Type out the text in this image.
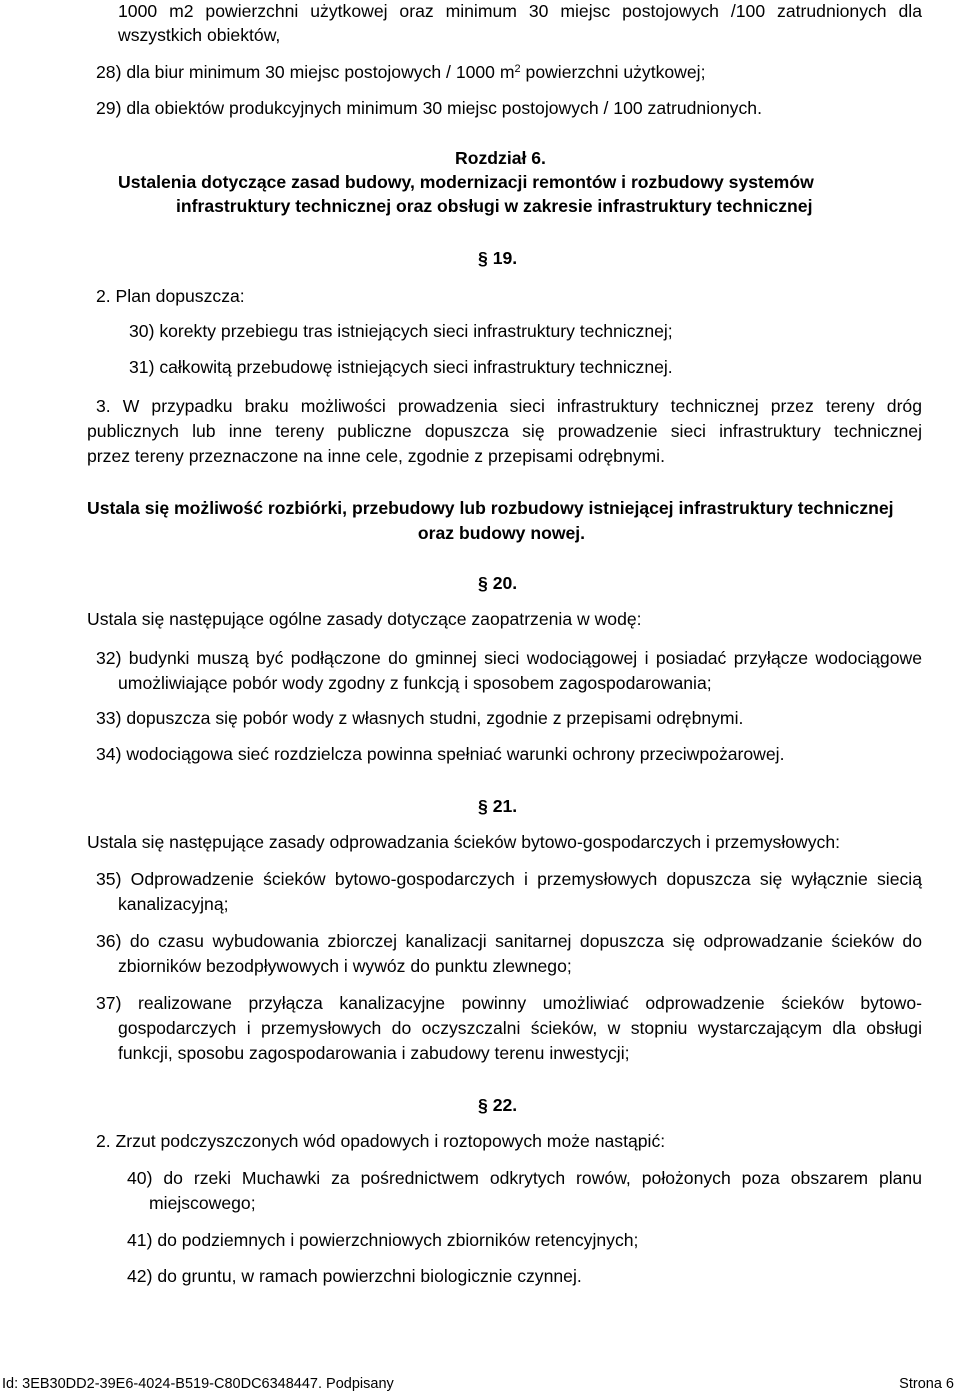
1000 m2 powierzchni użytkowej oraz minimum 30 miejsc postojowych /100 zatrudnionych dla
wszystkich obiektów,
28) dla biur minimum 30 miejsc postojowych / 1000 $m^2$ powierzchni użytkowej;
29) dla obiektów produkcyjnych minimum 30 miejsc postojowych / 100 zatrudnionych.
Rozdział 6.
Ustalenia dotyczące zasad budowy, modernizacji remontów i rozbudowy systemów
infrastruktury technicznej oraz obsługi w zakresie infrastruktury technicznej
§ 19.
2. Plan dopuszcza:
30) korekty przebiegu tras istniejących sieci infrastruktury technicznej;
31) całkowitą przebudowę istniejących sieci infrastruktury technicznej.
3. W przypadku braku możliwości prowadzenia sieci infrastruktury technicznej przez tereny dróg
publicznych lub inne tereny publiczne dopuszcza się prowadzenie sieci infrastruktury technicznej
przez tereny przeznaczone na inne cele, zgodnie z przepisami odrębnymi.
Ustala się możliwość rozbiórki, przebudowy lub rozbudowy istniejącej infrastruktury technicznej
oraz budowy nowej.
§ 20.
Ustala się następujące ogólne zasady dotyczące zaopatrzenia w wodę:
32) budynki muszą być podłączone do gminnej sieci wodociągowej i posiadać przyłącze wodociągowe
umożliwiające pobór wody zgodny z funkcją i sposobem zagospodarowania;
33) dopuszcza się pobór wody z własnych studni, zgodnie z przepisami odrębnymi.
34) wodociągowa sieć rozdzielcza powinna spełniać warunki ochrony przeciwpożarowej.
§ 21.
Ustala się następujące zasady odprowadzania ścieków bytowo-gospodarczych i przemysłowych:
35) Odprowadzenie ścieków bytowo-gospodarczych i przemysłowych dopuszcza się wyłącznie siecią
kanalizacyjną;
36) do czasu wybudowania zbiorczej kanalizacji sanitarnej dopuszcza się odprowadzanie ścieków do
zbiorników bezodpływowych i wywóz do punktu zlewnego;
37) realizowane przyłącza kanalizacyjne powinny umożliwiać odprowadzenie ścieków bytowo-
gospodarczych i przemysłowych do oczyszczalni ścieków, w stopniu wystarczającym dla obsługi
funkcji, sposobu zagospodarowania i zabudowy terenu inwestycji;
§ 22.
2. Zrzut podczyszczonych wód opadowych i roztopowych może nastąpić:
40) do rzeki Muchawki za pośrednictwem odkrytych rowów, położonych poza obszarem planu
miejscowego;
41) do podziemnych i powierzchniowych zbiorników retencyjnych;
42) do gruntu, w ramach powierzchni biologicznie czynnej.
Id: 3EB30DD2-39E6-4024-B519-C80DC6348447. Podpisany	Strona 6
